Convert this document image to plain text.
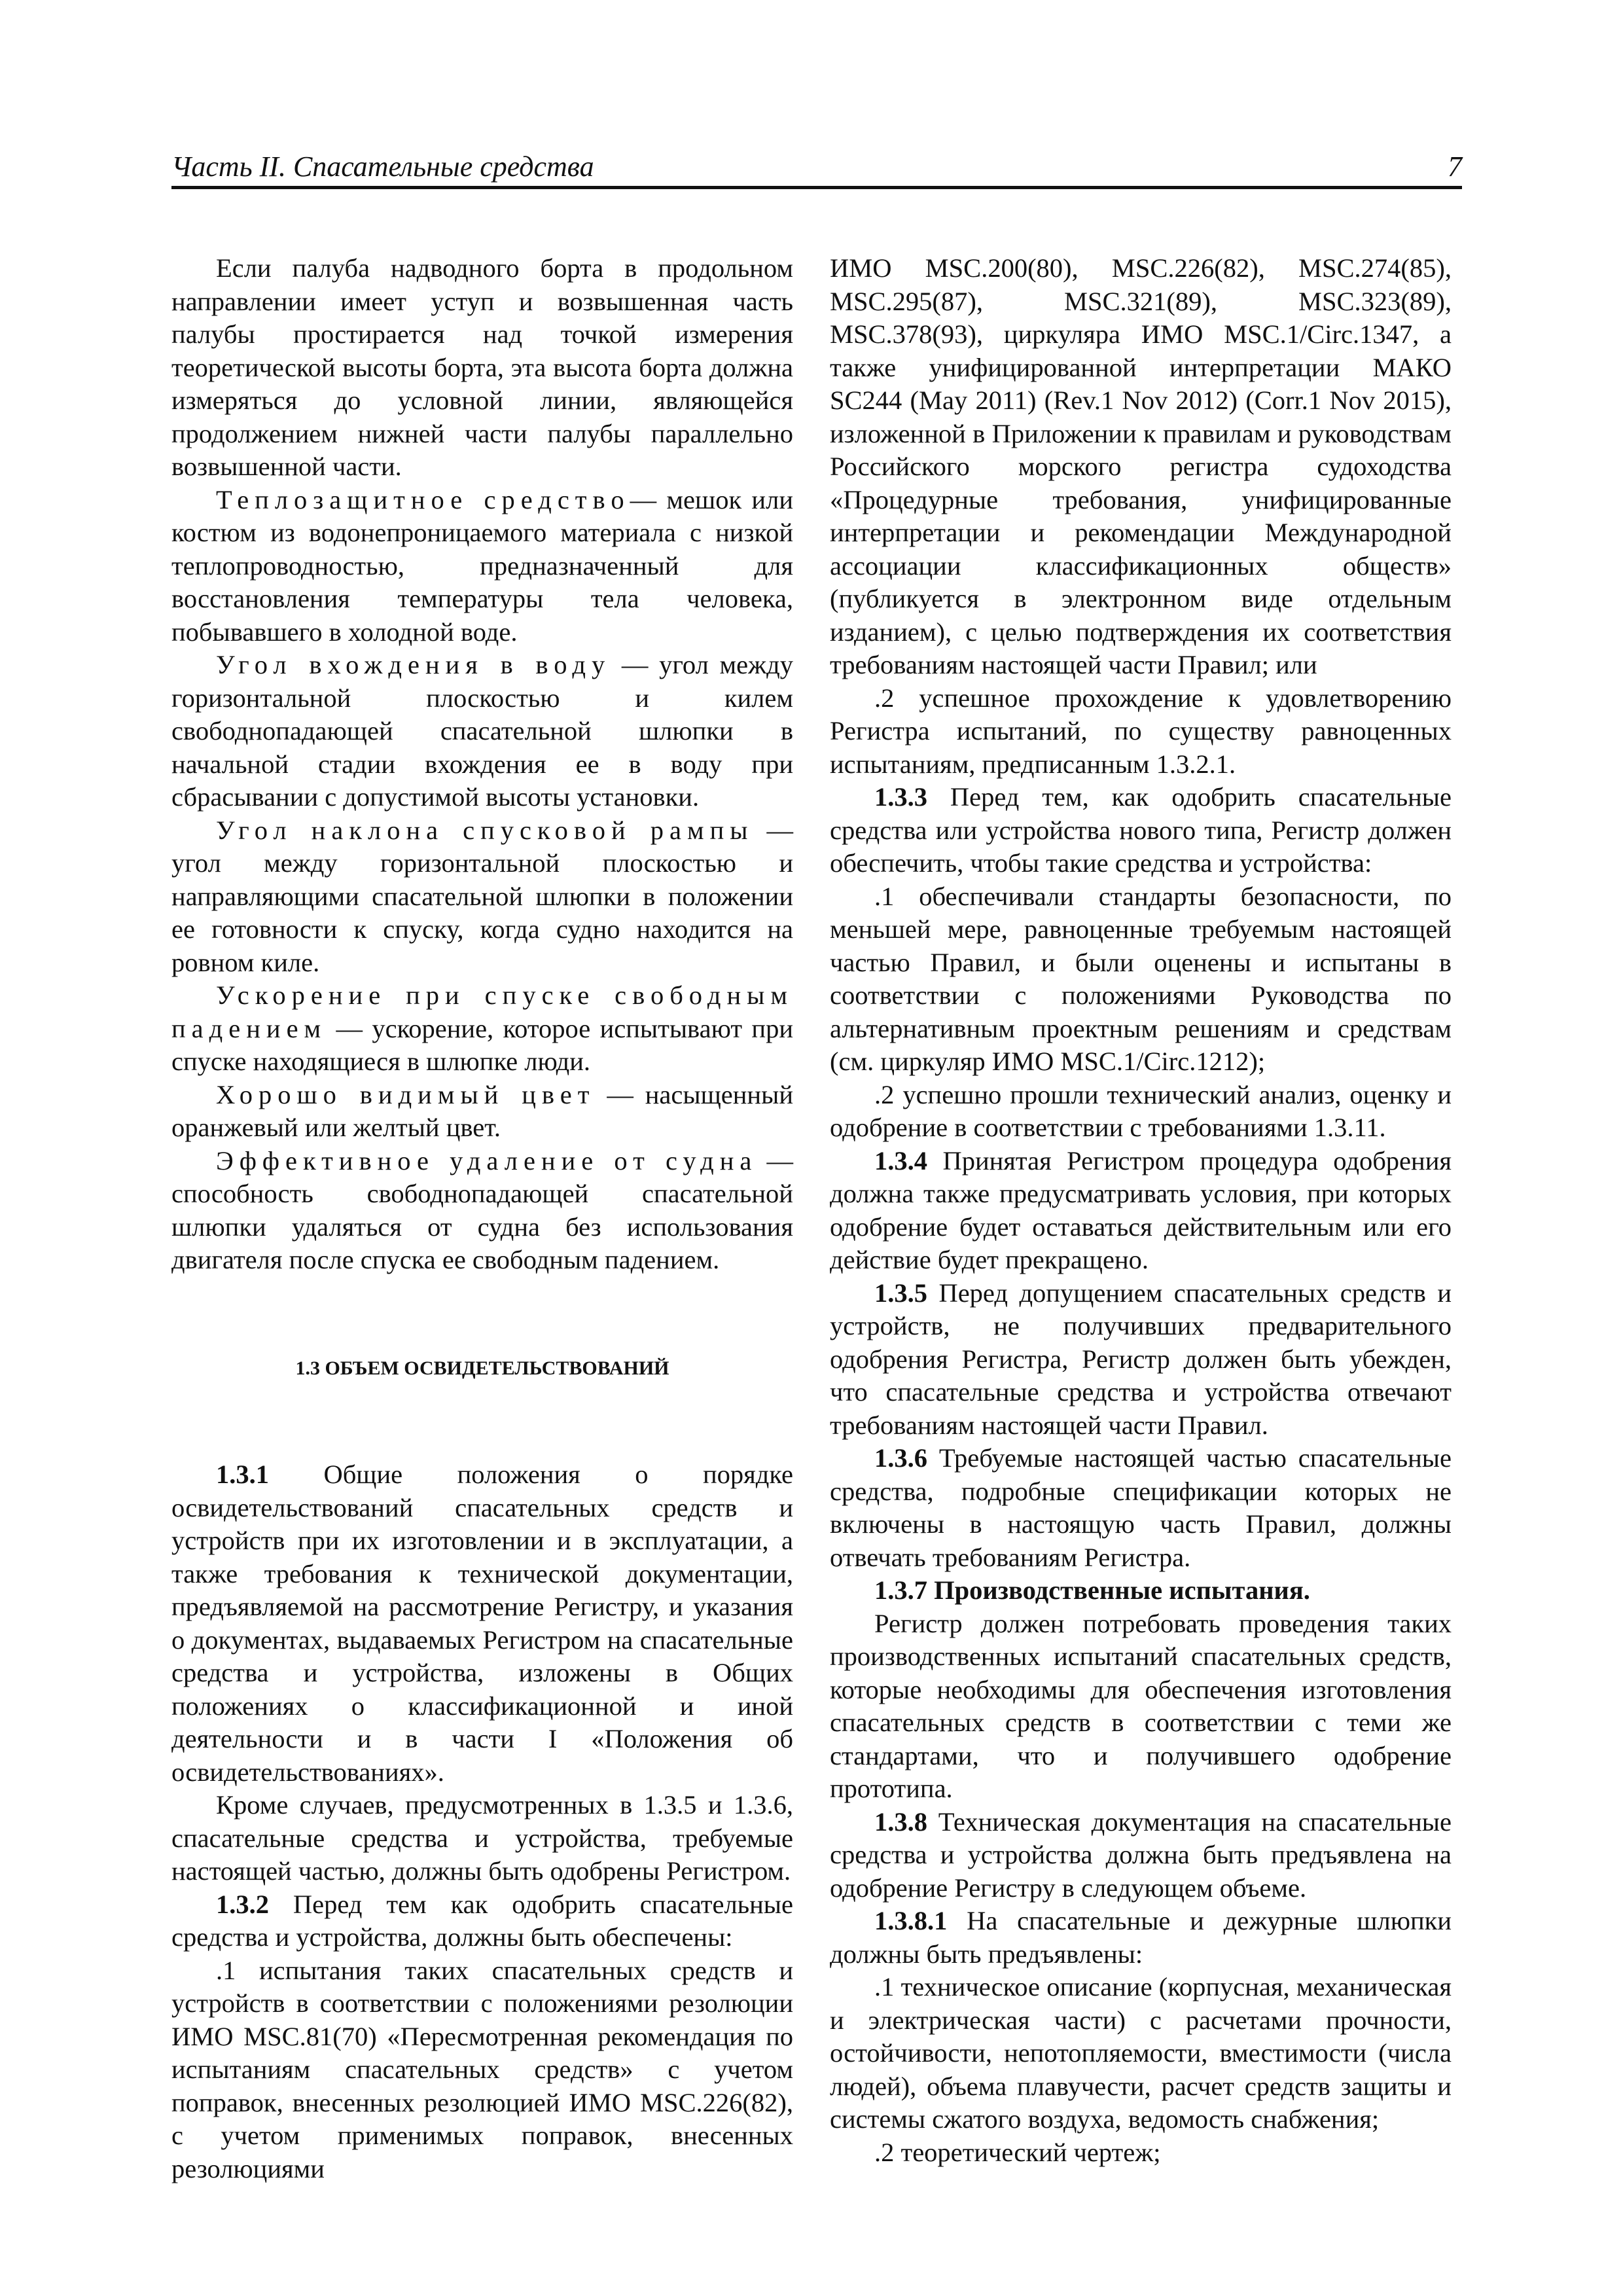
Часть II. Спасательные средства	7

Если палуба надводного борта в продольном направлении имеет уступ и возвышенная часть палубы простирается над точкой измерения теоретической высоты борта, эта высота борта должна измеряться до условной линии, являющейся продолжением нижней части палубы параллельно возвышенной части.

Теплозащитное средство— мешок или костюм из водонепроницаемого материала с низкой теплопроводностью, предназначенный для восстановления температуры тела человека, побывавшего в холодной воде.

Угол вхождения в воду — угол между горизонтальной плоскостью и килем свободнопадающей спасательной шлюпки в начальной стадии вхождения ее в воду при сбрасывании с допустимой высоты установки.

Угол наклона спусковой рампы — угол между горизонтальной плоскостью и направляющими спасательной шлюпки в положении ее готовности к спуску, когда судно находится на ровном киле.

Ускорение при спуске свободным падением — ускорение, которое испытывают при спуске находящиеся в шлюпке люди.

Хорошо видимый цвет — насыщенный оранжевый или желтый цвет.

Эффективное удаление от судна — способность свободнопадающей спасательной шлюпки удаляться от судна без использования двигателя после спуска ее свободным падением.

1.3 ОБЪЕМ ОСВИДЕТЕЛЬСТВОВАНИЙ

1.3.1 Общие положения о порядке освидетельствований спасательных средств и устройств при их изготовлении и в эксплуатации, а также требования к технической документации, предъявляемой на рассмотрение Регистру, и указания о документах, выдаваемых Регистром на спасательные средства и устройства, изложены в Общих положениях о классификационной и иной деятельности и в части I «Положения об освидетельствованиях».

Кроме случаев, предусмотренных в 1.3.5 и 1.3.6, спасательные средства и устройства, требуемые настоящей частью, должны быть одобрены Регистром.

1.3.2 Перед тем как одобрить спасательные средства и устройства, должны быть обеспечены:

.1 испытания таких спасательных средств и устройств в соответствии с положениями резолюции ИМО MSC.81(70) «Пересмотренная рекомендация по испытаниям спасательных средств» с учетом поправок, внесенных резолюцией ИМО MSC.226(82), с учетом применимых поправок, внесенных резолюциями

ИМО MSC.200(80), MSC.226(82), MSC.274(85), MSC.295(87), MSC.321(89), MSC.323(89), MSC.378(93), циркуляра ИМО MSC.1/Circ.1347, а также унифицированной интерпретации МАКО SC244 (May 2011) (Rev.1 Nov 2012) (Corr.1 Nov 2015), изложенной в Приложении к правилам и руководствам Российского морского регистра судоходства «Процедурные требования, унифицированные интерпретации и рекомендации Международной ассоциации классификационных обществ» (публикуется в электронном виде отдельным изданием), с целью подтверждения их соответствия требованиям настоящей части Правил; или

.2 успешное прохождение к удовлетворению Регистра испытаний, по существу равноценных испытаниям, предписанным 1.3.2.1.

1.3.3 Перед тем, как одобрить спасательные средства или устройства нового типа, Регистр должен обеспечить, чтобы такие средства и устройства:

.1 обеспечивали стандарты безопасности, по меньшей мере, равноценные требуемым настоящей частью Правил, и были оценены и испытаны в соответствии с положениями Руководства по альтернативным проектным решениям и средствам (см. циркуляр ИМО MSC.1/Circ.1212);

.2 успешно прошли технический анализ, оценку и одобрение в соответствии с требованиями 1.3.11.

1.3.4 Принятая Регистром процедура одобрения должна также предусматривать условия, при которых одобрение будет оставаться действительным или его действие будет прекращено.

1.3.5 Перед допущением спасательных средств и устройств, не получивших предварительного одобрения Регистра, Регистр должен быть убежден, что спасательные средства и устройства отвечают требованиям настоящей части Правил.

1.3.6 Требуемые настоящей частью спасательные средства, подробные спецификации которых не включены в настоящую часть Правил, должны отвечать требованиям Регистра.

1.3.7 Производственные испытания.

Регистр должен потребовать проведения таких производственных испытаний спасательных средств, которые необходимы для обеспечения изготовления спасательных средств в соответствии с теми же стандартами, что и получившего одобрение прототипа.

1.3.8 Техническая документация на спасательные средства и устройства должна быть предъявлена на одобрение Регистру в следующем объеме.

1.3.8.1 На спасательные и дежурные шлюпки должны быть предъявлены:

.1 техническое описание (корпусная, механическая и электрическая части) с расчетами прочности, остойчивости, непотопляемости, вместимости (числа людей), объема плавучести, расчет средств защиты и системы сжатого воздуха, ведомость снабжения;

.2 теоретический чертеж;
